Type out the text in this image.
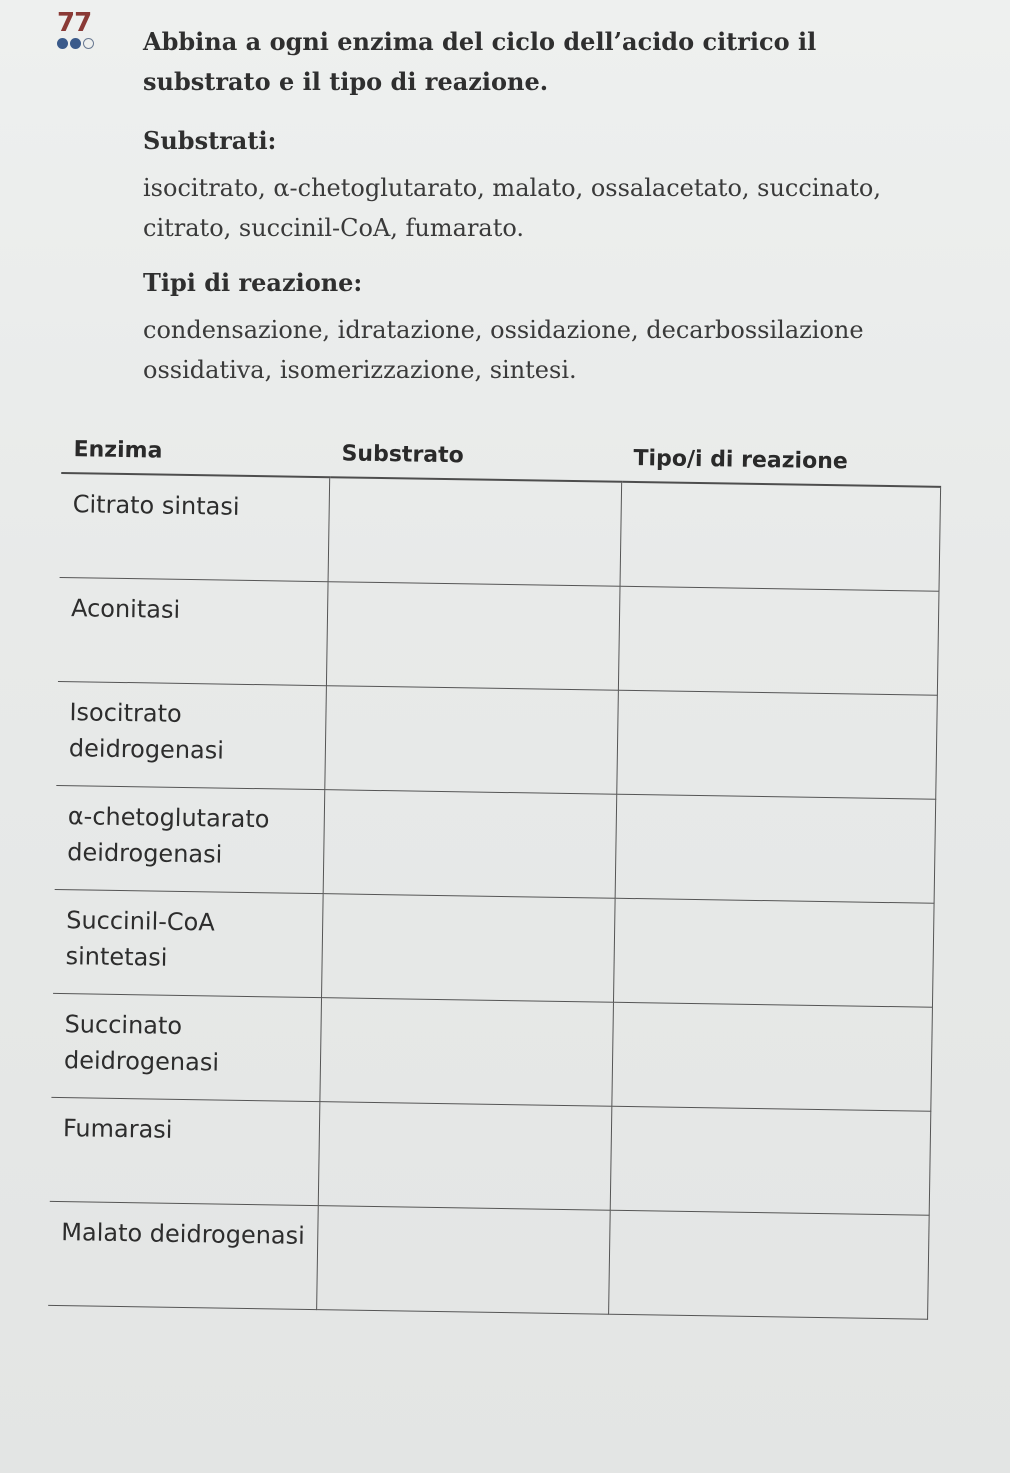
77
Abbina a ogni enzima del ciclo dell’acido citrico il substrato e il tipo di reazione.
Substrati:
isocitrato, α-chetoglutarato, malato, ossalacetato, succinato, citrato, succinil-CoA, fumarato.
Tipi di reazione:
condensazione, idratazione, ossidazione, decarbossilazione ossidativa, isomerizzazione, sintesi.
Enzima	Substrato	Tipo/i di reazione

Citrato sintasi		

Aconitasi		

Isocitrato deidrogenasi		

α-chetoglutarato deidrogenasi		

Succinil-CoA sintetasi		

Succinato deidrogenasi		

Fumarasi		

Malato deidrogenasi		
